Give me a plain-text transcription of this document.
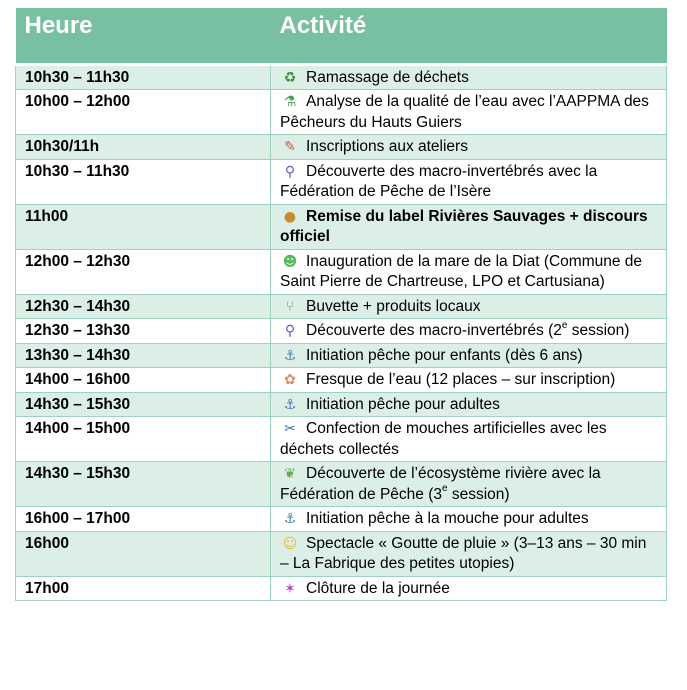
Heure	Activité
10h30 – 11h30	♻ Ramassage de déchets
10h00 – 12h00	⚗ Analyse de la qualité de l’eau avec l’AAPPMA des Pêcheurs du Hauts Guiers
10h30/11h	✎ Inscriptions aux ateliers
10h30 – 11h30	⚲ Découverte des macro-invertébrés avec la Fédération de Pêche de l’Isère
11h00	● Remise du label Rivières Sauvages + discours officiel
12h00 – 12h30	☻ Inauguration de la mare de la Diat (Commune de Saint Pierre de Chartreuse, LPO et Cartusiana)
12h30 – 14h30	⑂ Buvette + produits locaux
12h30 – 13h30	⚲ Découverte des macro-invertébrés (2e session)
13h30 – 14h30	⚓ Initiation pêche pour enfants (dès 6 ans)
14h00 – 16h00	✿ Fresque de l’eau (12 places – sur inscription)
14h30 – 15h30	⚓ Initiation pêche pour adultes
14h00 – 15h00	✂ Confection de mouches artificielles avec les déchets collectés
14h30 – 15h30	❦ Découverte de l’écosystème rivière avec la Fédération de Pêche (3e session)
16h00 – 17h00	⚓ Initiation pêche à la mouche pour adultes
16h00	☺ Spectacle « Goutte de pluie » (3–13 ans – 30 min – La Fabrique des petites utopies)
17h00	✶ Clôture de la journée
